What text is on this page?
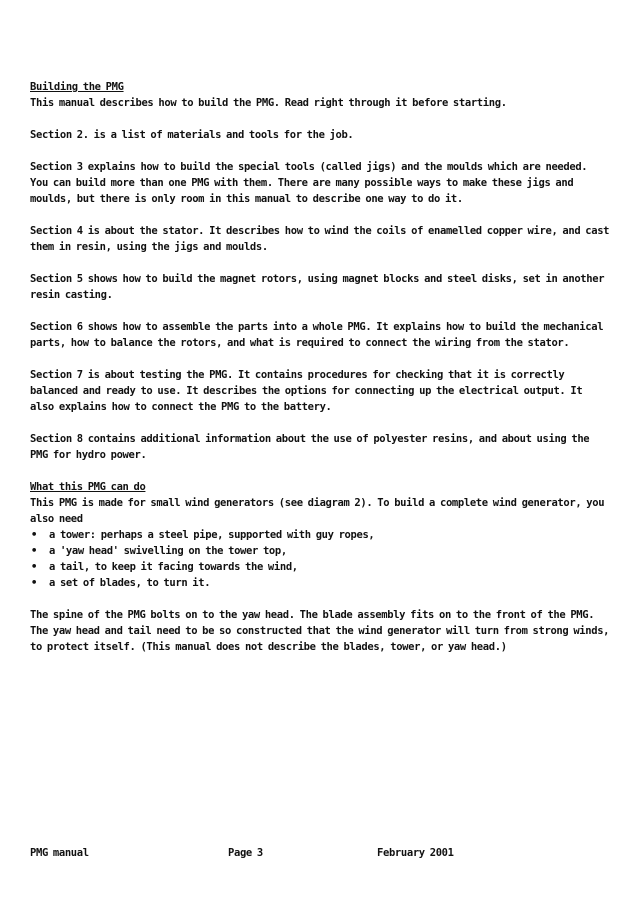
Building the PMG

This manual describes how to build the PMG. Read right through it before starting.

Section 2. is a list of materials and tools for the job.

Section 3 explains how to build the special tools (called jigs) and the moulds which are needed. You can build more than one PMG with them. There are many possible ways to make these jigs and moulds, but there is only room in this manual to describe one way to do it.

Section 4 is about the stator. It describes how to wind the coils of enamelled copper wire, and cast them in resin, using the jigs and moulds.

Section 5 shows how to build the magnet rotors, using magnet blocks and steel disks, set in another resin casting.

Section 6 shows how to assemble the parts into a whole PMG. It explains how to build the mechanical parts, how to balance the rotors, and what is required to connect the wiring from the stator.

Section 7 is about testing the PMG. It contains procedures for checking that it is correctly balanced and ready to use. It describes the options for connecting up the electrical output. It also explains how to connect the PMG to the battery.

Section 8 contains additional information about the use of polyester resins, and about using the PMG for hydro power.

What this PMG can do

This PMG is made for small wind generators (see diagram 2). To build a complete wind generator, you also need

• a tower: perhaps a steel pipe, supported with guy ropes,
• a 'yaw head' swivelling on the tower top,
• a tail, to keep it facing towards the wind,
• a set of blades, to turn it.

The spine of the PMG bolts on to the yaw head. The blade assembly fits on to the front of the PMG. The yaw head and tail need to be so constructed that the wind generator will turn from strong winds, to protect itself. (This manual does not describe the blades, tower, or yaw head.)

PMG manual	Page 3	February 2001
